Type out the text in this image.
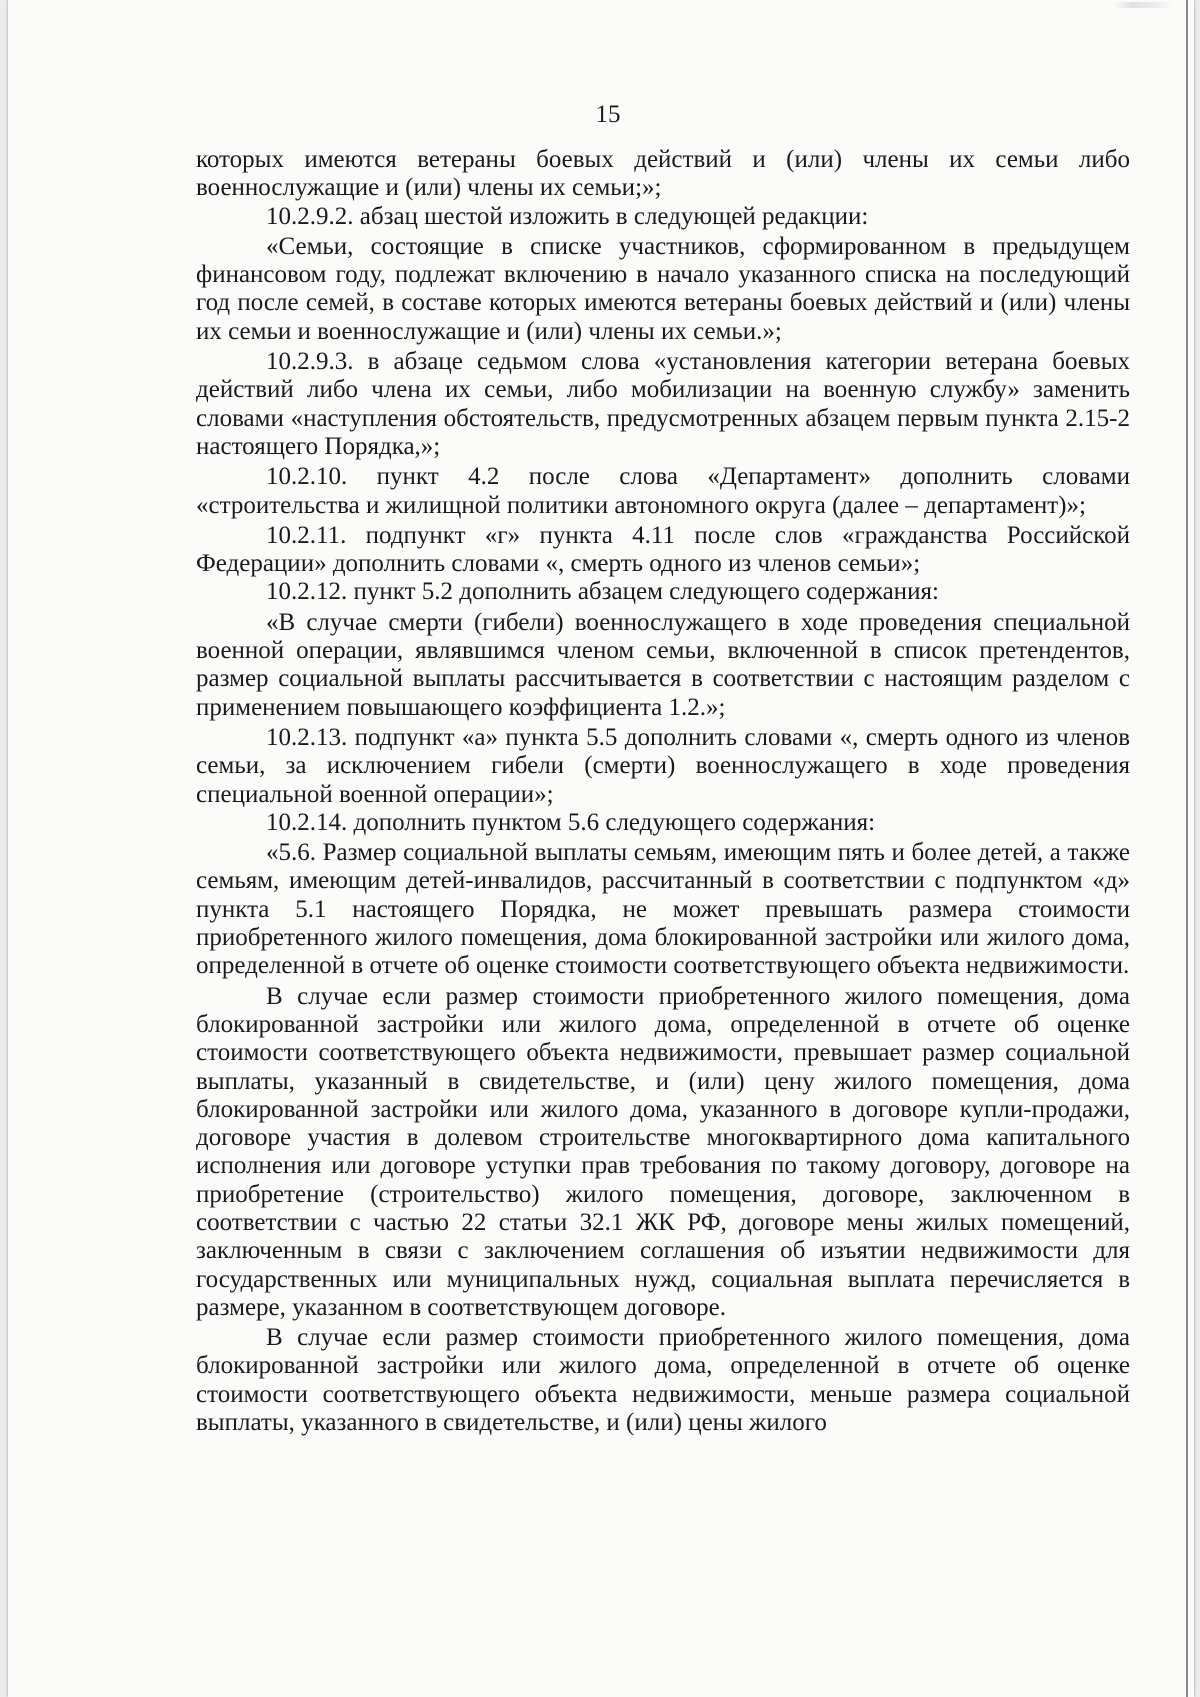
15

которых имеются ветераны боевых действий и (или) члены их семьи либо военнослужащие и (или) члены их семьи;»;

10.2.9.2. абзац шестой изложить в следующей редакции:

«Семьи, состоящие в списке участников, сформированном в предыдущем финансовом году, подлежат включению в начало указанного списка на последующий год после семей, в составе которых имеются ветераны боевых действий и (или) члены их семьи и военнослужащие и (или) члены их семьи.»;

10.2.9.3. в абзаце седьмом слова «установления категории ветерана боевых действий либо члена их семьи, либо мобилизации на военную службу» заменить словами «наступления обстоятельств, предусмотренных абзацем первым пункта 2.15-2 настоящего Порядка,»;

10.2.10. пункт 4.2 после слова «Департамент» дополнить словами «строительства и жилищной политики автономного округа (далее – департамент)»;

10.2.11. подпункт «г» пункта 4.11 после слов «гражданства Российской Федерации» дополнить словами «, смерть одного из членов семьи»;

10.2.12. пункт 5.2 дополнить абзацем следующего содержания:

«В случае смерти (гибели) военнослужащего в ходе проведения специальной военной операции, являвшимся членом семьи, включенной в список претендентов, размер социальной выплаты рассчитывается в соответствии с настоящим разделом с применением повышающего коэффициента 1.2.»;

10.2.13. подпункт «а» пункта 5.5 дополнить словами «, смерть одного из членов семьи, за исключением гибели (смерти) военнослужащего в ходе проведения специальной военной операции»;

10.2.14. дополнить пунктом 5.6 следующего содержания:

«5.6. Размер социальной выплаты семьям, имеющим пять и более детей, а также семьям, имеющим детей-инвалидов, рассчитанный в соответствии с подпунктом «д» пункта 5.1 настоящего Порядка, не может превышать размера стоимости приобретенного жилого помещения, дома блокированной застройки или жилого дома, определенной в отчете об оценке стоимости соответствующего объекта недвижимости.

В случае если размер стоимости приобретенного жилого помещения, дома блокированной застройки или жилого дома, определенной в отчете об оценке стоимости соответствующего объекта недвижимости, превышает размер социальной выплаты, указанный в свидетельстве, и (или) цену жилого помещения, дома блокированной застройки или жилого дома, указанного в договоре купли-продажи, договоре участия в долевом строительстве многоквартирного дома капитального исполнения или договоре уступки прав требования по такому договору, договоре на приобретение (строительство) жилого помещения, договоре, заключенном в соответствии с частью 22 статьи 32.1 ЖК РФ, договоре мены жилых помещений, заключенным в связи с заключением соглашения об изъятии недвижимости для государственных или муниципальных нужд, социальная выплата перечисляется в размере, указанном в соответствующем договоре.

В случае если размер стоимости приобретенного жилого помещения, дома блокированной застройки или жилого дома, определенной в отчете об оценке стоимости соответствующего объекта недвижимости, меньше размера социальной выплаты, указанного в свидетельстве, и (или) цены жилого
